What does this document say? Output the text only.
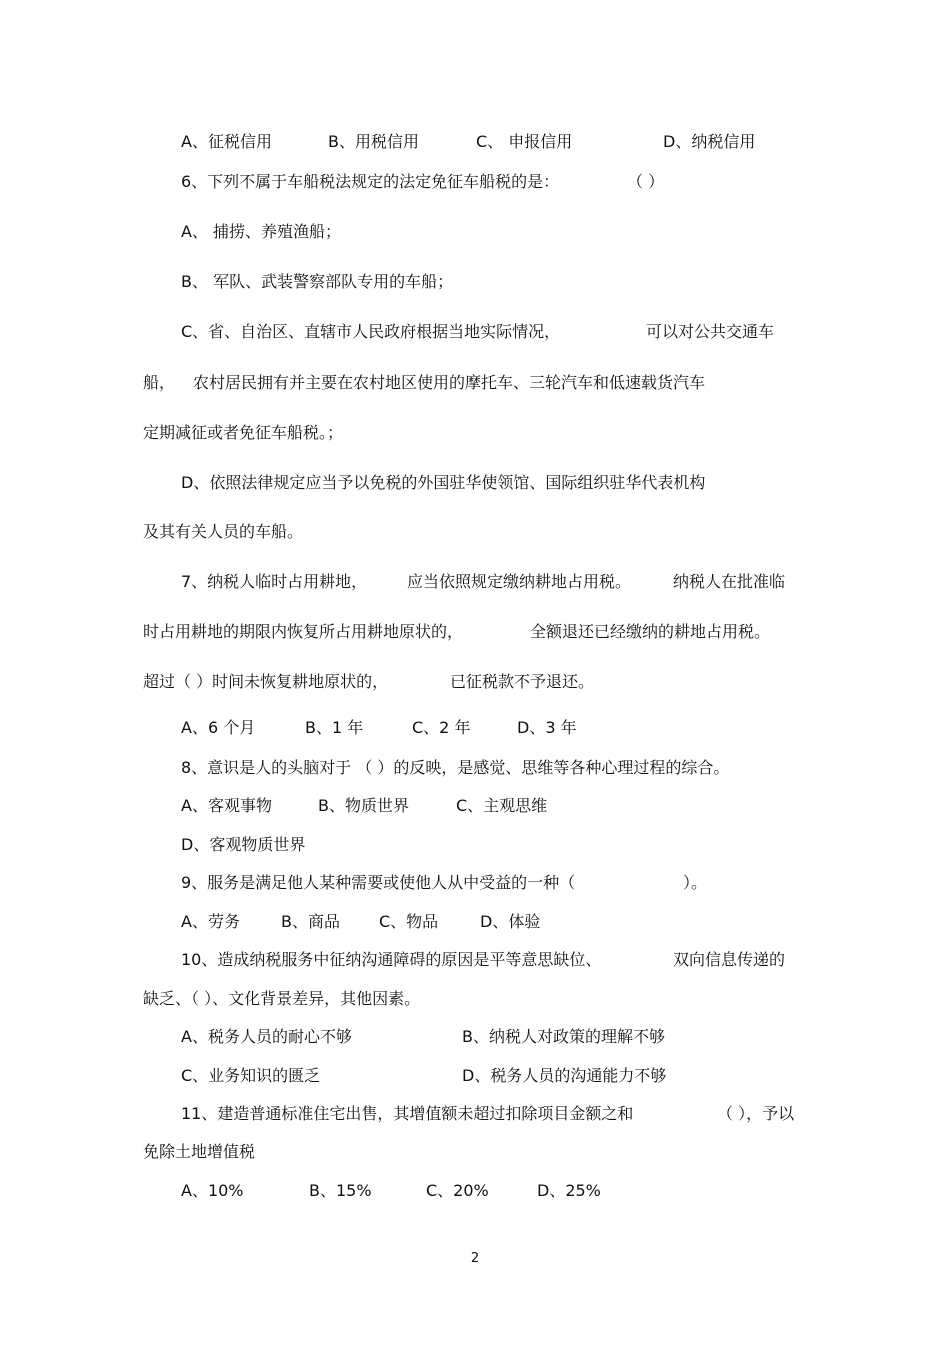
A、征税信用	B、用税信用	C、 申报信用	D、纳税信用
6、下列不属于车船税法规定的法定免征车船税的是：	（ ）
A、 捕捞、养殖渔船；
B、 军队、武装警察部队专用的车船；
C、省、自治区、直辖市人民政府根据当地实际情况，	可以对公共交通车
船， 农村居民拥有并主要在农村地区使用的摩托车、三轮汽车和低速载货汽车
定期减征或者免征车船税。；
D、依照法律规定应当予以免税的外国驻华使领馆、国际组织驻华代表机构
及其有关人员的车船。
7、纳税人临时占用耕地， 应当依照规定缴纳耕地占用税。	纳税人在批准临
时占用耕地的期限内恢复所占用耕地原状的，	全额退还已经缴纳的耕地占用税。
超过（ ）时间未恢复耕地原状的，	已征税款不予退还。
A、6 个月	B、1 年	C、2 年	D、3 年
8、意识是人的头脑对于 （ ）的反映，是感觉、思维等各种心理过程的综合。
A、客观事物	B、物质世界	C、主观思维
D、客观物质世界
9、服务是满足他人某种需要或使他人从中受益的一种（	）。
A、劳务	B、商品 C、物品	D、体验
10、造成纳税服务中征纳沟通障碍的原因是平等意思缺位、	双向信息传递的
缺乏、（ ）、文化背景差异，其他因素。
A、税务人员的耐心不够	B、纳税人对政策的理解不够
C、业务知识的匮乏	D、税务人员的沟通能力不够
11、建造普通标准住宅出售，其增值额未超过扣除项目金额之和	（ ），予以
免除土地增值税
A、10%	B、15%	C、20%	D、25%
2
